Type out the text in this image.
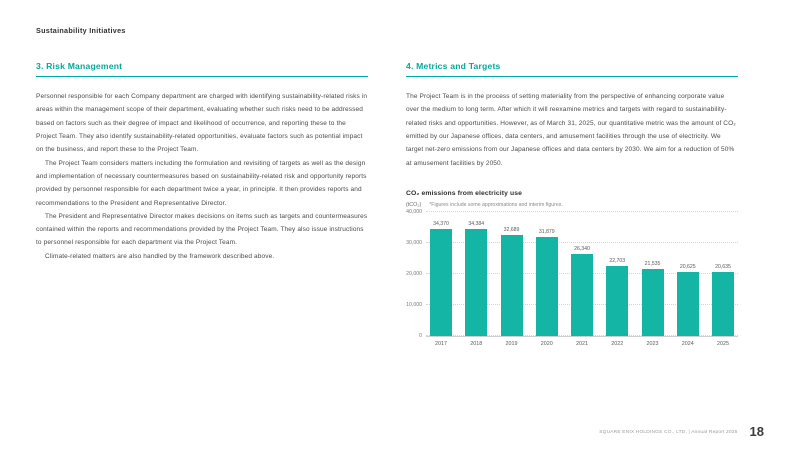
Sustainability Initiatives
3. Risk Management

Personnel responsible for each Company department are charged with identifying sustainability-related risks in areas within the management scope of their department, evaluating whether such risks need to be addressed based on factors such as their degree of impact and likelihood of occurrence, and reporting these to the Project Team. They also identify sustainability-related opportunities, evaluate factors such as potential impact on the business, and report these to the Project Team.

The Project Team considers matters including the formulation and revisiting of targets as well as the design and implementation of necessary countermeasures based on sustainability-related risk and opportunity reports provided by personnel responsible for each department twice a year, in principle. It then provides reports and recommendations to the President and Representative Director.

The President and Representative Director makes decisions on items such as targets and countermeasures contained within the reports and recommendations provided by the Project Team. They also issue instructions to personnel responsible for each department via the Project Team.

Climate-related matters are also handled by the framework described above.

4. Metrics and Targets

The Project Team is in the process of setting materiality from the perspective of enhancing corporate value over the medium to long term. After which it will reexamine metrics and targets with regard to sustainability-related risks and opportunities. However, as of March 31, 2025, our quantitative metric was the amount of CO₂ emitted by our Japanese offices, data centers, and amusement facilities through the use of electricity. We target net-zero emissions from our Japanese offices and data centers by 2030. We aim for a reduction of 50% at amusement facilities by 2050.

CO₂ emissions from electricity use
(tCO₂) *Figures include some approximations and interim figures.
40,000
30,000
20,000
10,000
0
34,370	34,384
32,689	31,879
26,340
22,703
21,535	20,625	20,635
2017	2018	2019	2020	2021	2022	2023	2024	2025
SQUARE ENIX HOLDINGS CO., LTD. | Annual Report 2025 18
